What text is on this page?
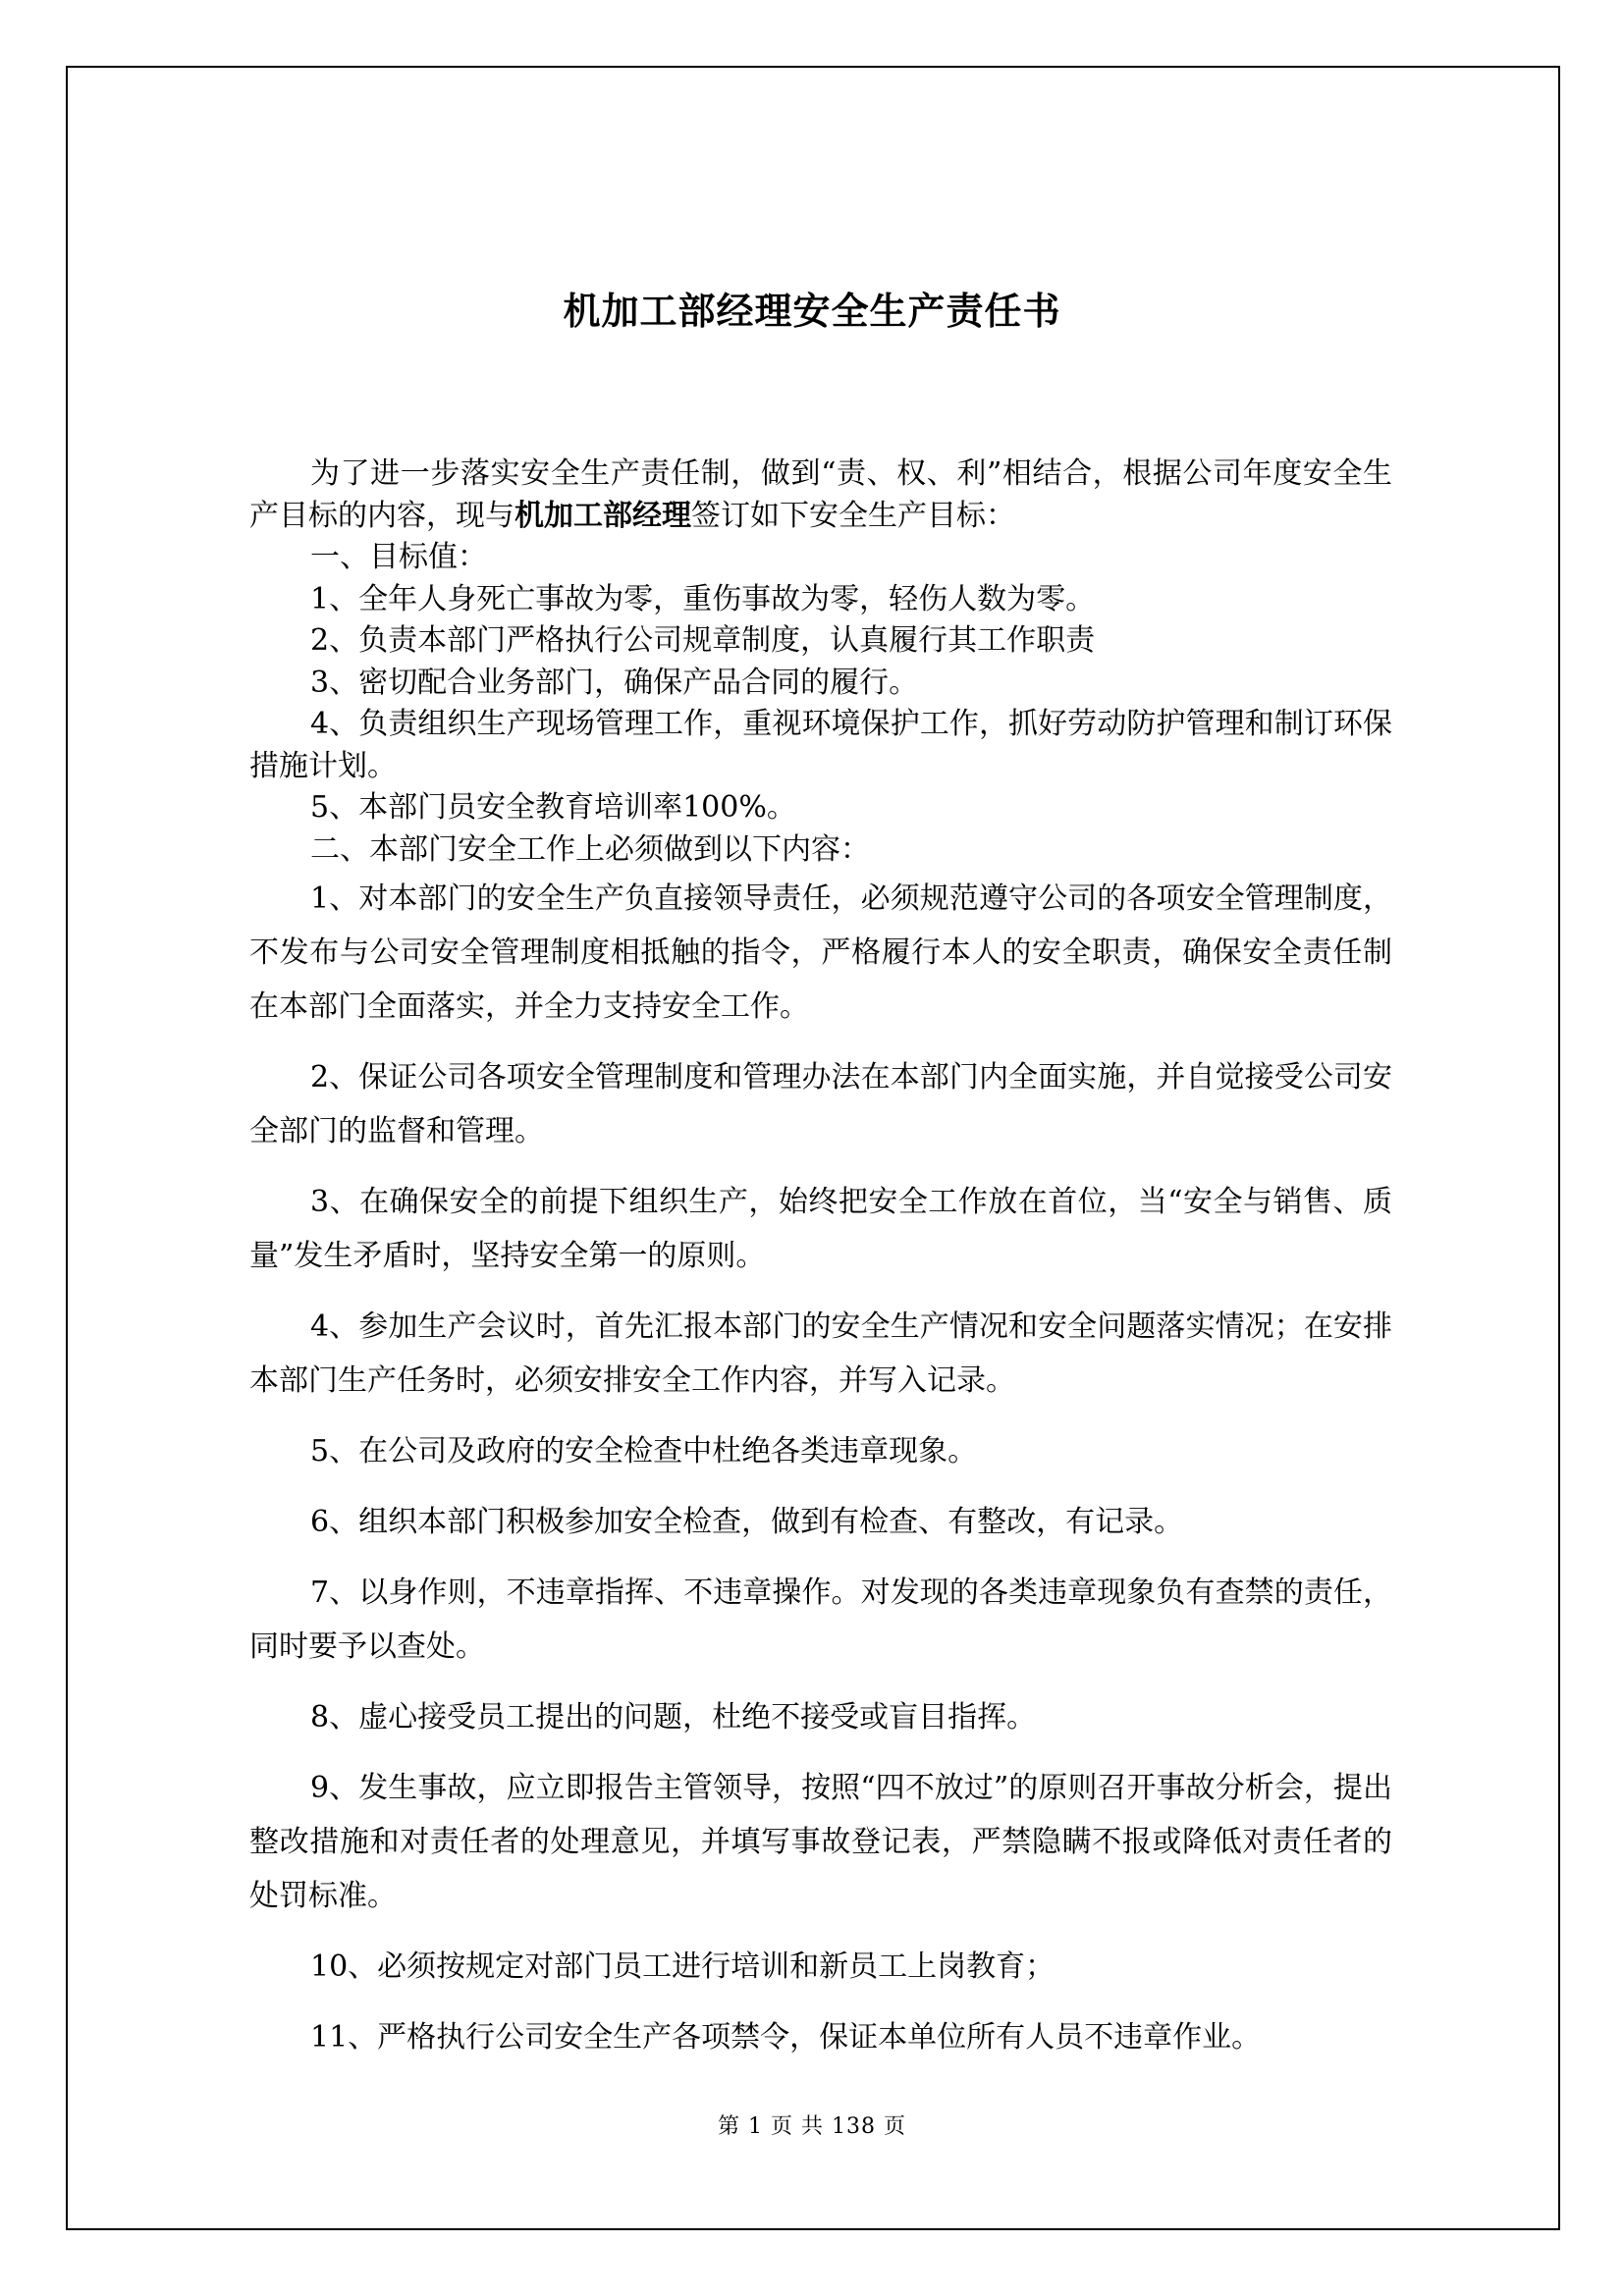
机加工部经理安全生产责任书

为了进一步落实安全生产责任制，做到“责、权、利”相结合，根据公司年度安全生产目标的内容，现与机加工部经理签订如下安全生产目标：

一、目标值：

1、全年人身死亡事故为零，重伤事故为零，轻伤人数为零。

2、负责本部门严格执行公司规章制度，认真履行其工作职责

3、密切配合业务部门，确保产品合同的履行。

4、负责组织生产现场管理工作，重视环境保护工作，抓好劳动防护管理和制订环保措施计划。

5、本部门员安全教育培训率100%。

二、本部门安全工作上必须做到以下内容：

1、对本部门的安全生产负直接领导责任，必须规范遵守公司的各项安全管理制度，不发布与公司安全管理制度相抵触的指令，严格履行本人的安全职责，确保安全责任制在本部门全面落实，并全力支持安全工作。

2、保证公司各项安全管理制度和管理办法在本部门内全面实施，并自觉接受公司安全部门的监督和管理。

3、在确保安全的前提下组织生产，始终把安全工作放在首位，当“安全与销售、质量”发生矛盾时，坚持安全第一的原则。

4、参加生产会议时，首先汇报本部门的安全生产情况和安全问题落实情况；在安排本部门生产任务时，必须安排安全工作内容，并写入记录。

5、在公司及政府的安全检查中杜绝各类违章现象。

6、组织本部门积极参加安全检查，做到有检查、有整改，有记录。

7、以身作则，不违章指挥、不违章操作。对发现的各类违章现象负有查禁的责任，同时要予以查处。

8、虚心接受员工提出的问题，杜绝不接受或盲目指挥。

9、发生事故，应立即报告主管领导，按照“四不放过”的原则召开事故分析会，提出整改措施和对责任者的处理意见，并填写事故登记表，严禁隐瞒不报或降低对责任者的处罚标准。

10、必须按规定对部门员工进行培训和新员工上岗教育；

11、严格执行公司安全生产各项禁令，保证本单位所有人员不违章作业。

第 1 页 共 138 页
